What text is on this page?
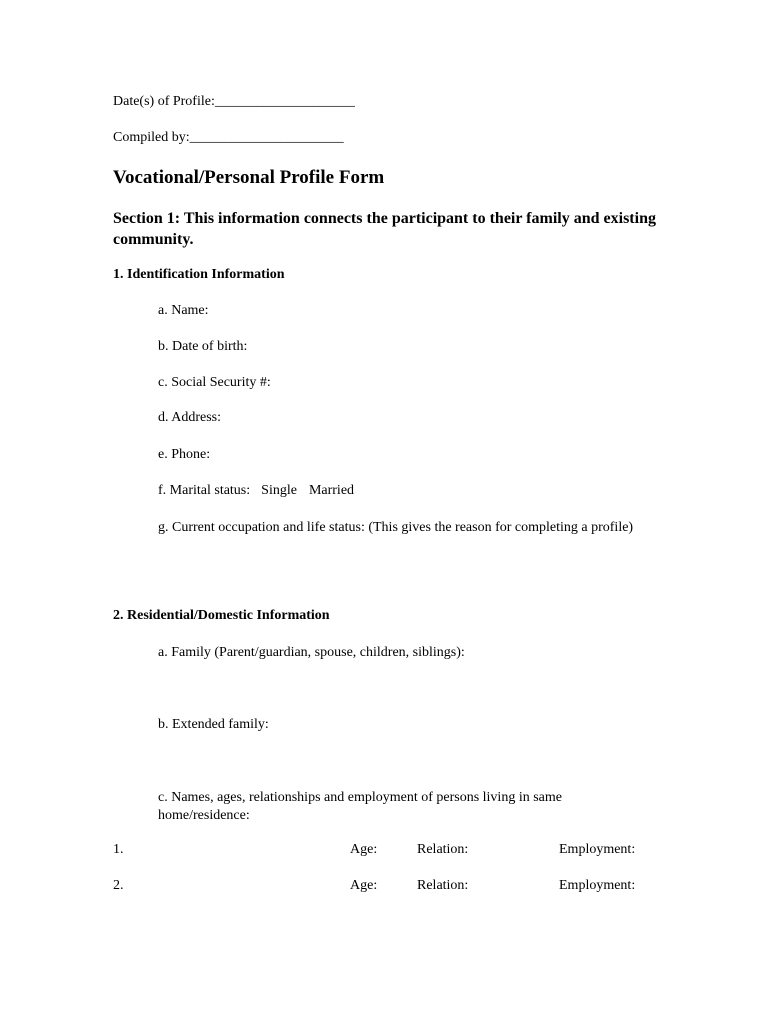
Date(s) of Profile:____________________
Compiled by:______________________
Vocational/Personal Profile Form
Section 1: This information connects the participant to their family and existing community.
1. Identification Information
a. Name:
b. Date of birth:
c. Social Security #:
d. Address:
e. Phone:
f. Marital status: Single Married
g. Current occupation and life status: (This gives the reason for completing a profile)
2. Residential/Domestic Information
a. Family (Parent/guardian, spouse, children, siblings):
b. Extended family:
c. Names, ages, relationships and employment of persons living in same home/residence:
1.	Age:	Relation:	Employment:
2.	Age:	Relation:	Employment:
